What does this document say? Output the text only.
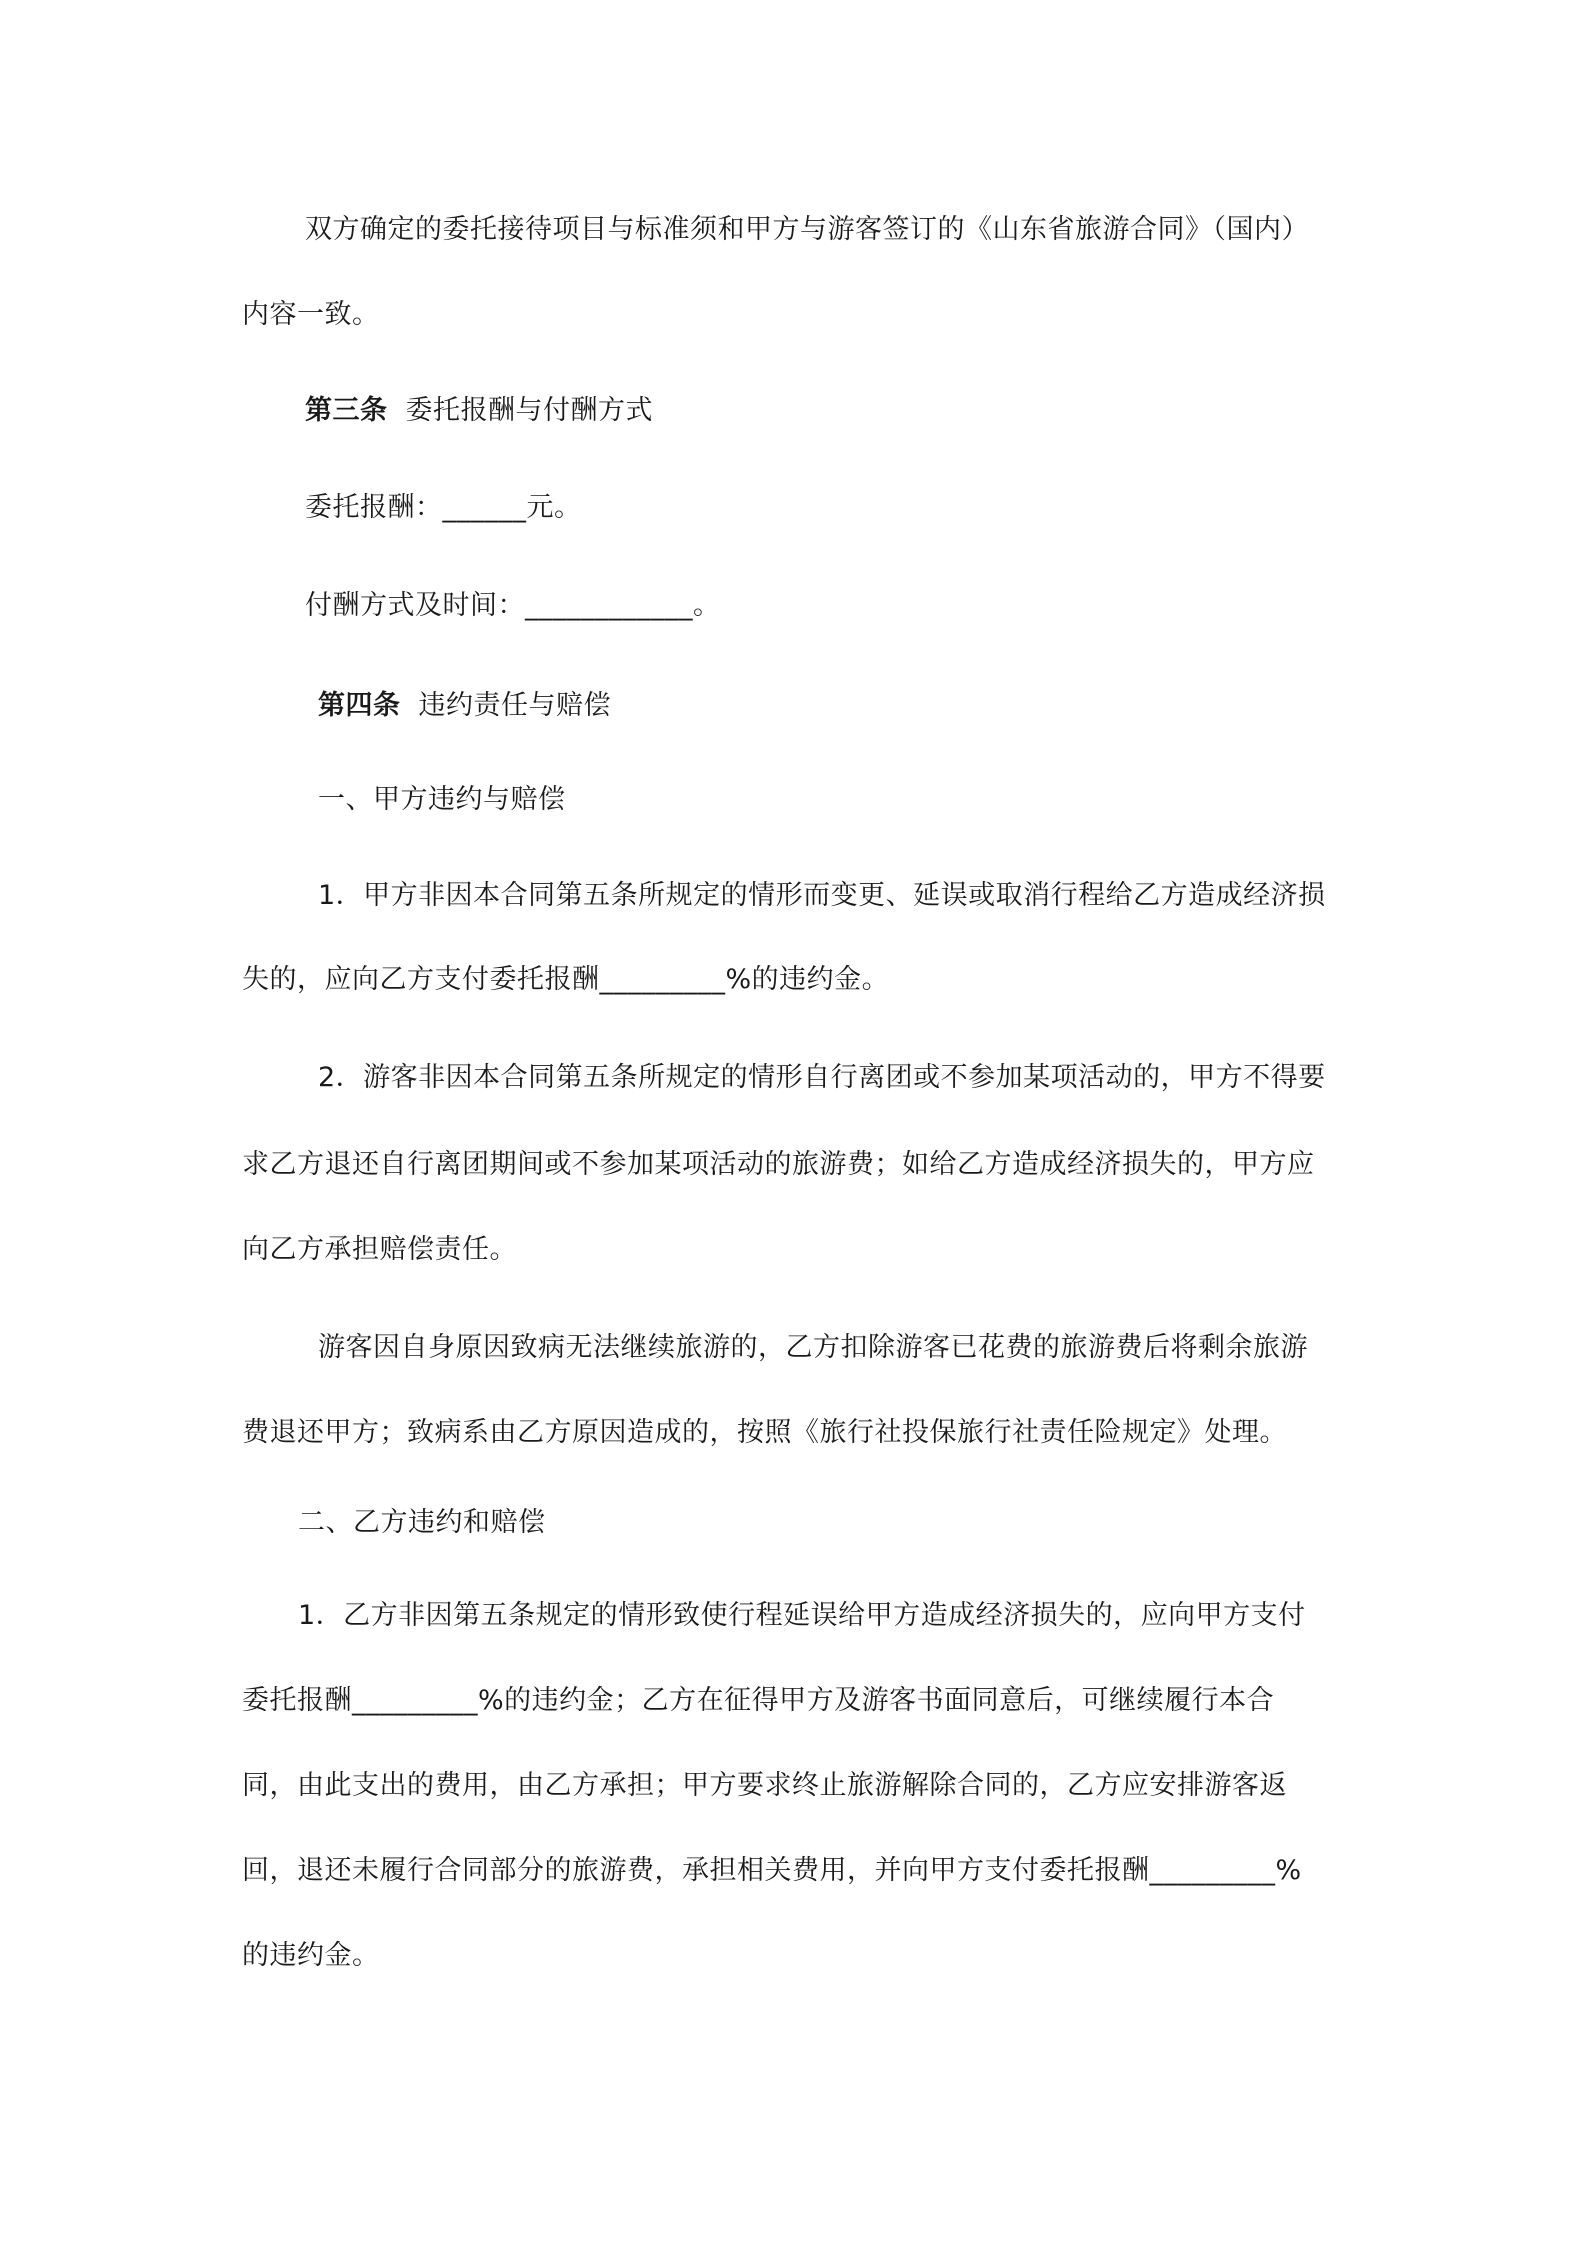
双方确定的委托接待项目与标准须和甲方与游客签订的《山东省旅游合同》（国内）
内容一致。
第三条 委托报酬与付酬方式
委托报酬：______元。
付酬方式及时间：____________。
第四条 违约责任与赔偿
一、甲方违约与赔偿
1．甲方非因本合同第五条所规定的情形而变更、延误或取消行程给乙方造成经济损
失的，应向乙方支付委托报酬_________%的违约金。
2．游客非因本合同第五条所规定的情形自行离团或不参加某项活动的，甲方不得要
求乙方退还自行离团期间或不参加某项活动的旅游费；如给乙方造成经济损失的，甲方应
向乙方承担赔偿责任。
游客因自身原因致病无法继续旅游的，乙方扣除游客已花费的旅游费后将剩余旅游
费退还甲方；致病系由乙方原因造成的，按照《旅行社投保旅行社责任险规定》处理。
二、乙方违约和赔偿
1．乙方非因第五条规定的情形致使行程延误给甲方造成经济损失的，应向甲方支付
委托报酬_________%的违约金；乙方在征得甲方及游客书面同意后，可继续履行本合
同，由此支出的费用，由乙方承担；甲方要求终止旅游解除合同的，乙方应安排游客返
回，退还未履行合同部分的旅游费，承担相关费用，并向甲方支付委托报酬_________%
的违约金。
